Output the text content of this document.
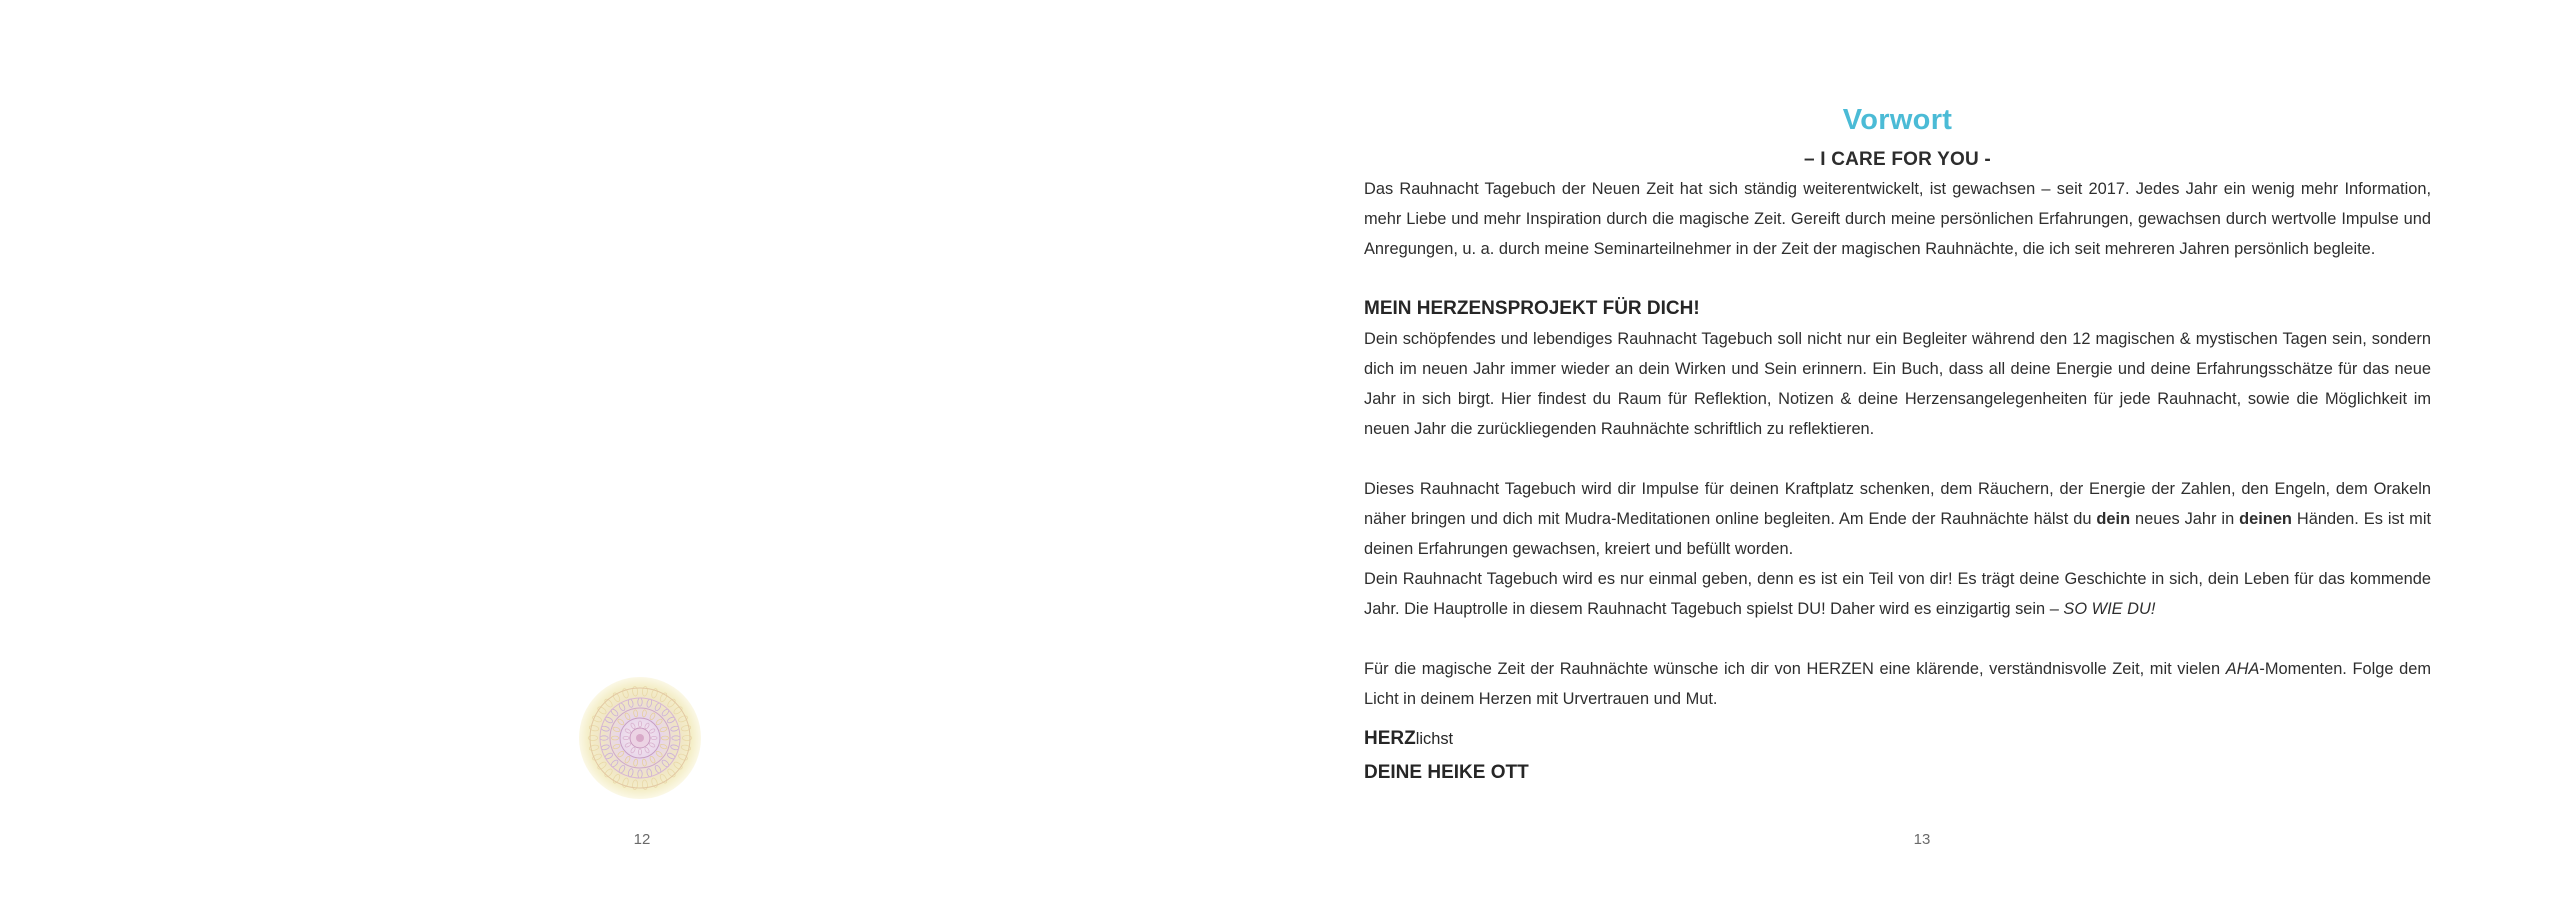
12
Vorwort
– I CARE FOR YOU -

Das Rauhnacht Tagebuch der Neuen Zeit hat sich ständig weiterentwickelt, ist gewachsen – seit 2017. Jedes Jahr ein wenig mehr Information, mehr Liebe und mehr Inspiration durch die magische Zeit. Gereift durch meine persönlichen Erfahrungen, gewachsen durch wertvolle Impulse und Anregungen, u. a. durch meine Seminarteilnehmer in der Zeit der magischen Rauhnächte, die ich seit mehreren Jahren persönlich begleite.

MEIN HERZENSPROJEKT FÜR DICH!

Dein schöpfendes und lebendiges Rauhnacht Tagebuch soll nicht nur ein Begleiter während den 12 magischen & mystischen Tagen sein, sondern dich im neuen Jahr immer wieder an dein Wirken und Sein erinnern. Ein Buch, dass all deine Energie und deine Erfahrungsschätze für das neue Jahr in sich birgt. Hier findest du Raum für Reflektion, Notizen & deine Herzensangelegenheiten für jede Rauhnacht, sowie die Möglichkeit im neuen Jahr die zurückliegenden Rauhnächte schriftlich zu reflektieren.

Dieses Rauhnacht Tagebuch wird dir Impulse für deinen Kraftplatz schenken, dem Räuchern, der Energie der Zahlen, den Engeln, dem Orakeln näher bringen und dich mit Mudra-Meditationen online begleiten. Am Ende der Rauhnächte hälst du dein neues Jahr in deinen Händen. Es ist mit deinen Erfahrungen gewachsen, kreiert und befüllt worden.

Dein Rauhnacht Tagebuch wird es nur einmal geben, denn es ist ein Teil von dir! Es trägt deine Geschichte in sich, dein Leben für das kommende Jahr. Die Hauptrolle in diesem Rauhnacht Tagebuch spielst DU! Daher wird es einzigartig sein – SO WIE DU!

Für die magische Zeit der Rauhnächte wünsche ich dir von HERZEN eine klärende, verständnisvolle Zeit, mit vielen AHA-Momenten. Folge dem Licht in deinem Herzen mit Urvertrauen und Mut.

HERZlichst
DEINE HEIKE OTT
13
